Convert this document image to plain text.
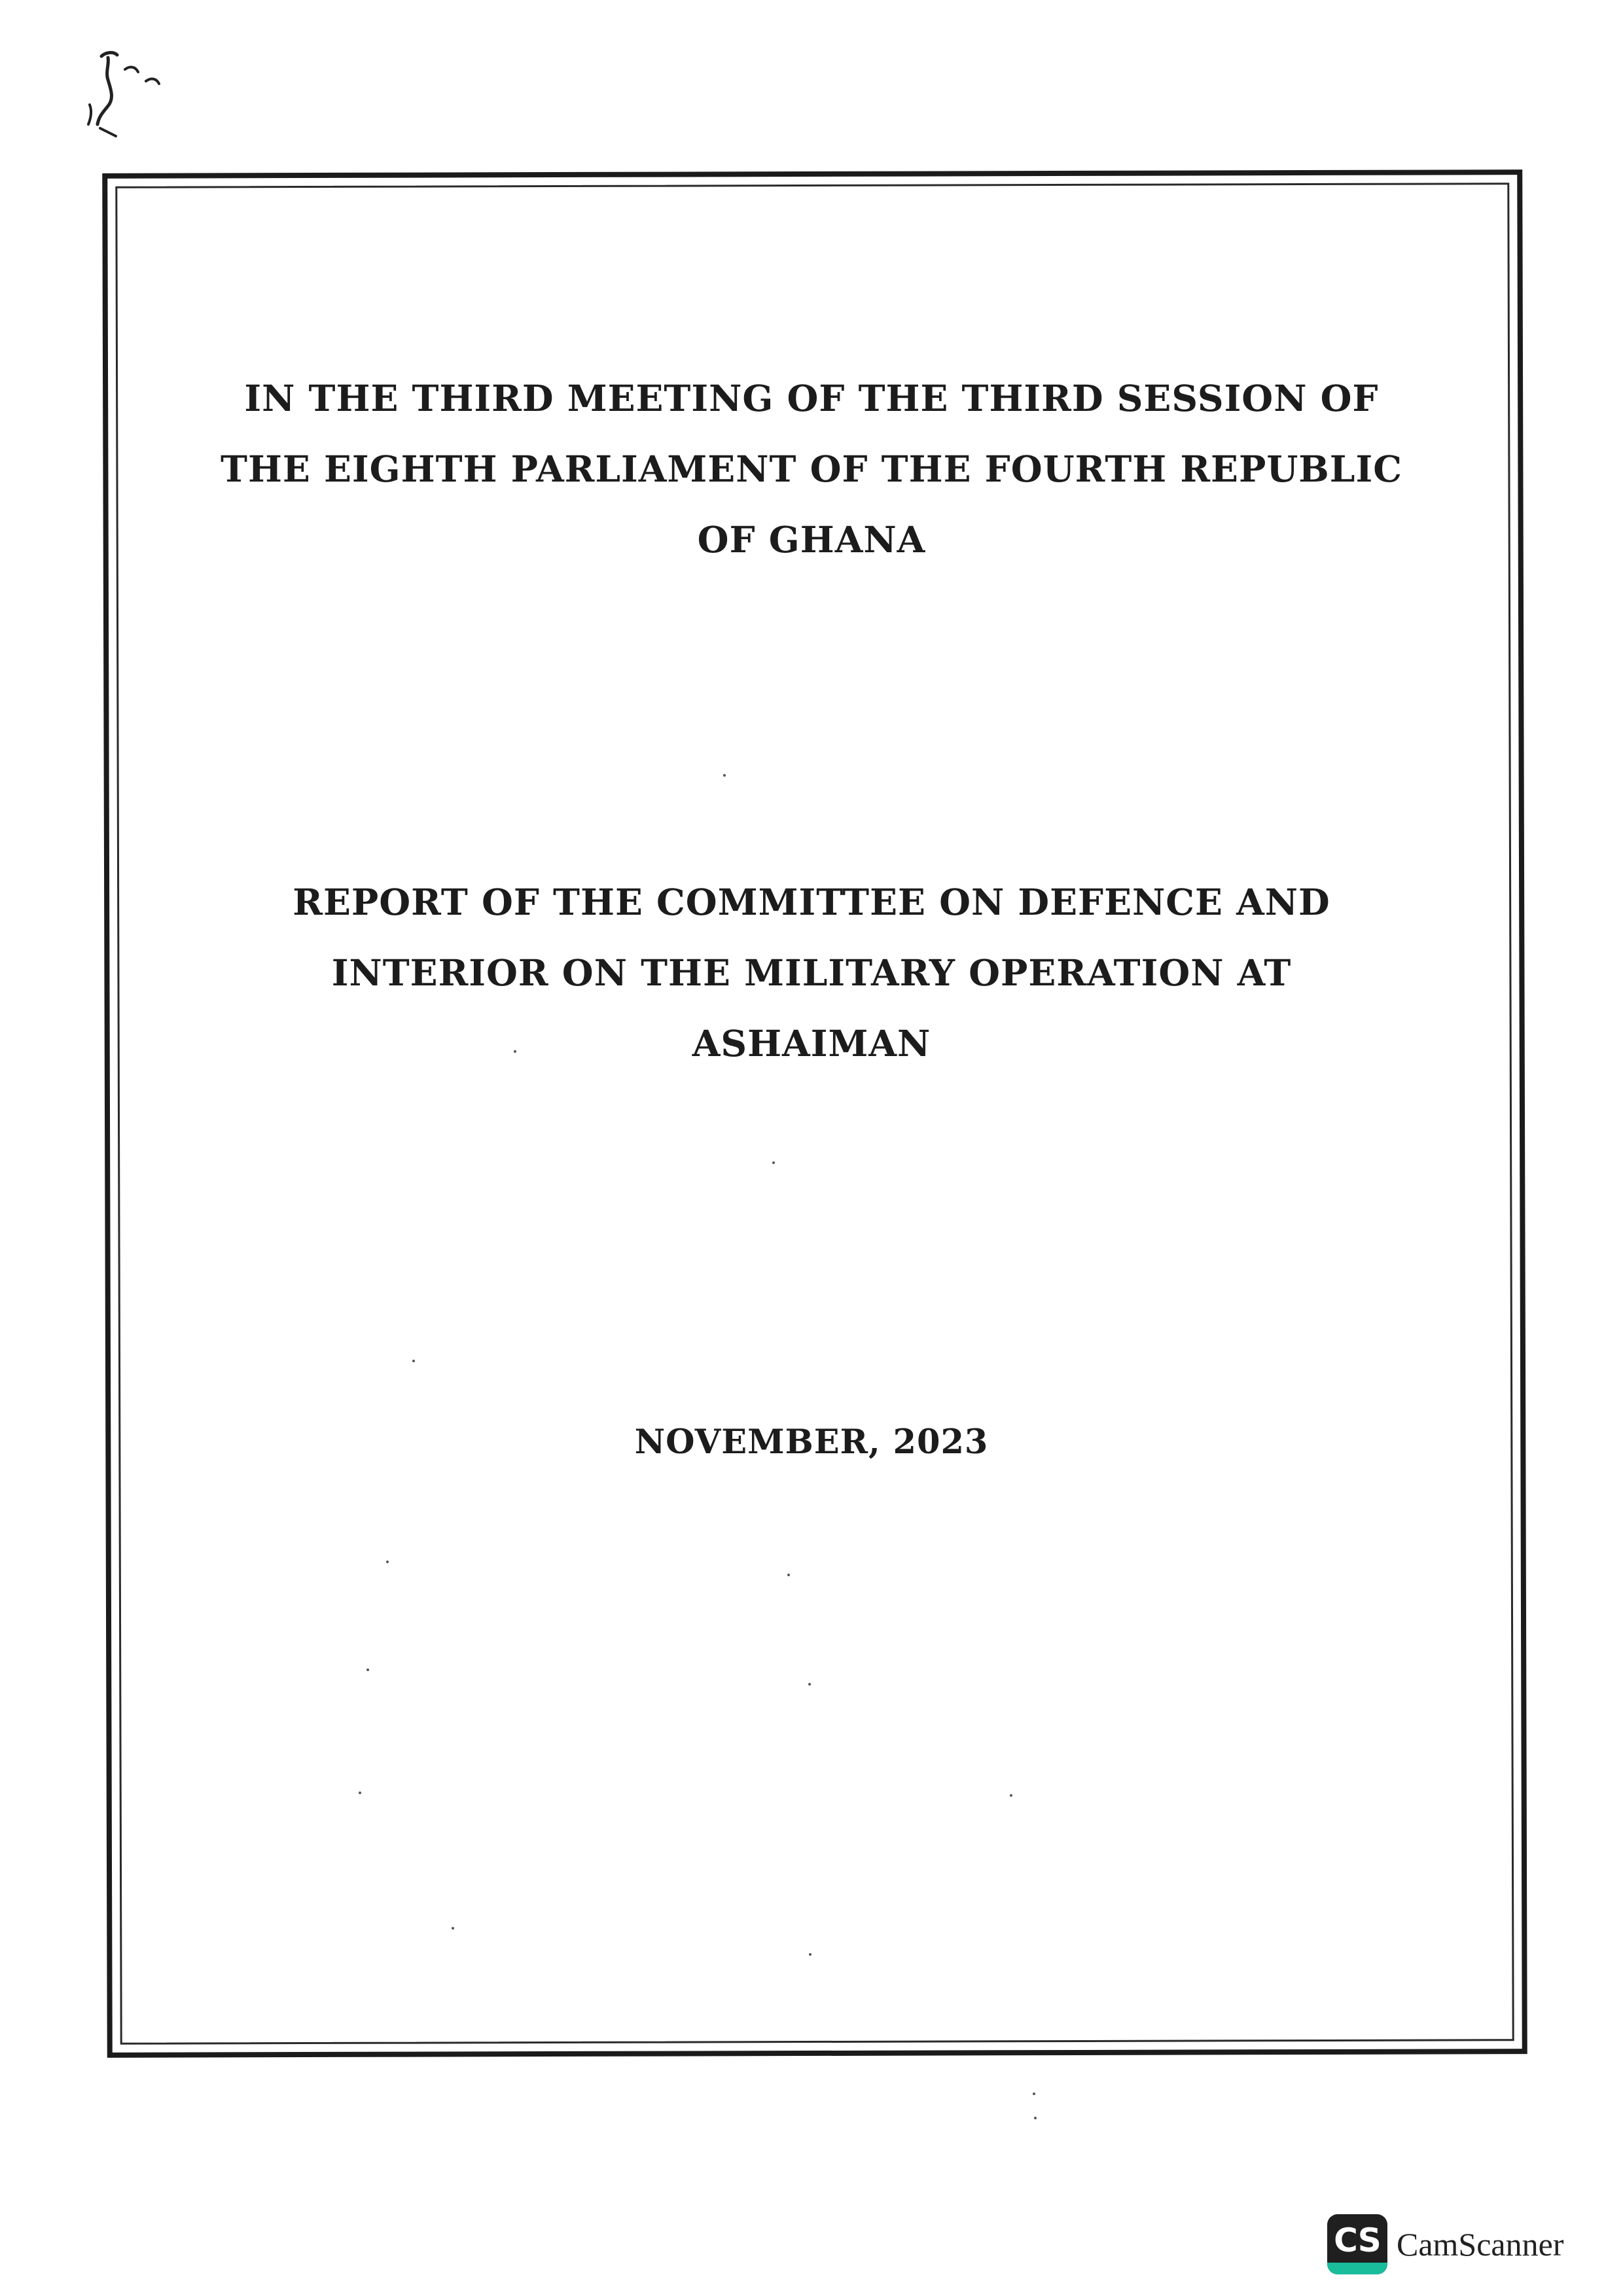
IN THE THIRD MEETING OF THE THIRD SESSION OF
THE EIGHTH PARLIAMENT OF THE FOURTH REPUBLIC
OF GHANA
REPORT OF THE COMMITTEE ON DEFENCE AND
INTERIOR ON THE MILITARY OPERATION AT
ASHAIMAN
NOVEMBER, 2023
CS CamScanner
